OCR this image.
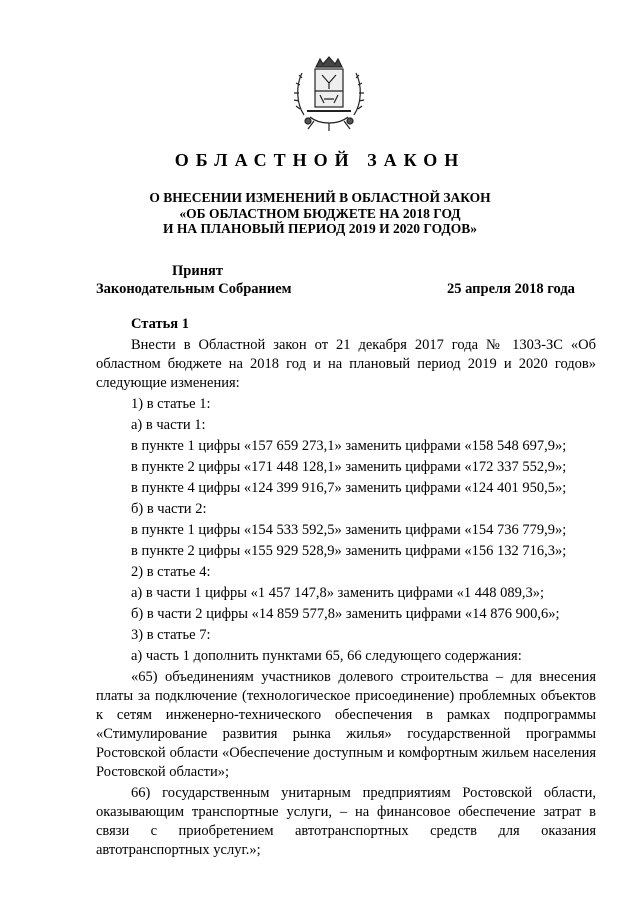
ОБЛАСТНОЙ ЗАКОН
О ВНЕСЕНИИ ИЗМЕНЕНИЙ В ОБЛАСТНОЙ ЗАКОН
«ОБ ОБЛАСТНОМ БЮДЖЕТЕ НА 2018 ГОД
И НА ПЛАНОВЫЙ ПЕРИОД 2019 И 2020 ГОДОВ»
Принят
Законодательным Собранием	25 апреля 2018 года
Статья 1

Внести в Областной закон от 21 декабря 2017 года № 1303-ЗС «Об областном бюджете на 2018 год и на плановый период 2019 и 2020 годов» следующие изменения:

1) в статье 1:

а) в части 1:

в пункте 1 цифры «157 659 273,1» заменить цифрами «158 548 697,9»;

в пункте 2 цифры «171 448 128,1» заменить цифрами «172 337 552,9»;

в пункте 4 цифры «124 399 916,7» заменить цифрами «124 401 950,5»;

б) в части 2:

в пункте 1 цифры «154 533 592,5» заменить цифрами «154 736 779,9»;

в пункте 2 цифры «155 929 528,9» заменить цифрами «156 132 716,3»;

2) в статье 4:

а) в части 1 цифры «1 457 147,8» заменить цифрами «1 448 089,3»;

б) в части 2 цифры «14 859 577,8» заменить цифрами «14 876 900,6»;

3) в статье 7:

а) часть 1 дополнить пунктами 65, 66 следующего содержания:

«65) объединениям участников долевого строительства – для внесения платы за подключение (технологическое присоединение) проблемных объектов к сетям инженерно-технического обеспечения в рамках подпрограммы «Стимулирование развития рынка жилья» государственной программы Ростовской области «Обеспечение доступным и комфортным жильем населения Ростовской области»;

66) государственным унитарным предприятиям Ростовской области, оказывающим транспортные услуги, – на финансовое обеспечение затрат в связи с приобретением автотранспортных средств для оказания автотранспортных услуг.»;
